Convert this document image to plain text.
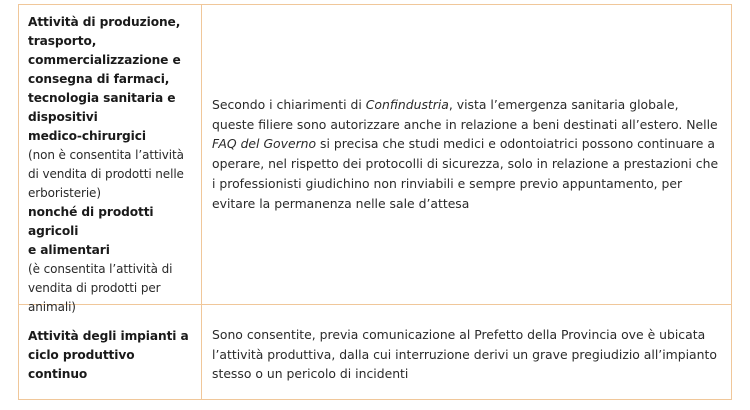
Attività di produzione,
trasporto,
commercializzazione e
consegna di farmaci,
tecnologia sanitaria e
dispositivi
medico-chirurgici
(non è consentita l’attività
di vendita di prodotti nelle
erboristerie)
nonché di prodotti agricoli
e alimentari
(è consentita l’attività di
vendita di prodotti per
animali)
Secondo i chiarimenti di Confindustria, vista l’emergenza sanitaria globale, queste filiere sono autorizzare anche in relazione a beni destinati all’estero. Nelle FAQ del Governo si precisa che studi medici e odontoiatrici possono continuare a operare, nel rispetto dei protocolli di sicurezza, solo in relazione a prestazioni che i professionisti giudichino non rinviabili e sempre previo appuntamento, per evitare la permanenza nelle sale d’attesa
Attività degli impianti a
ciclo produttivo continuo
Sono consentite, previa comunicazione al Prefetto della Provincia ove è ubicata l’attività produttiva, dalla cui interruzione derivi un grave pregiudizio all’impianto stesso o un pericolo di incidenti
